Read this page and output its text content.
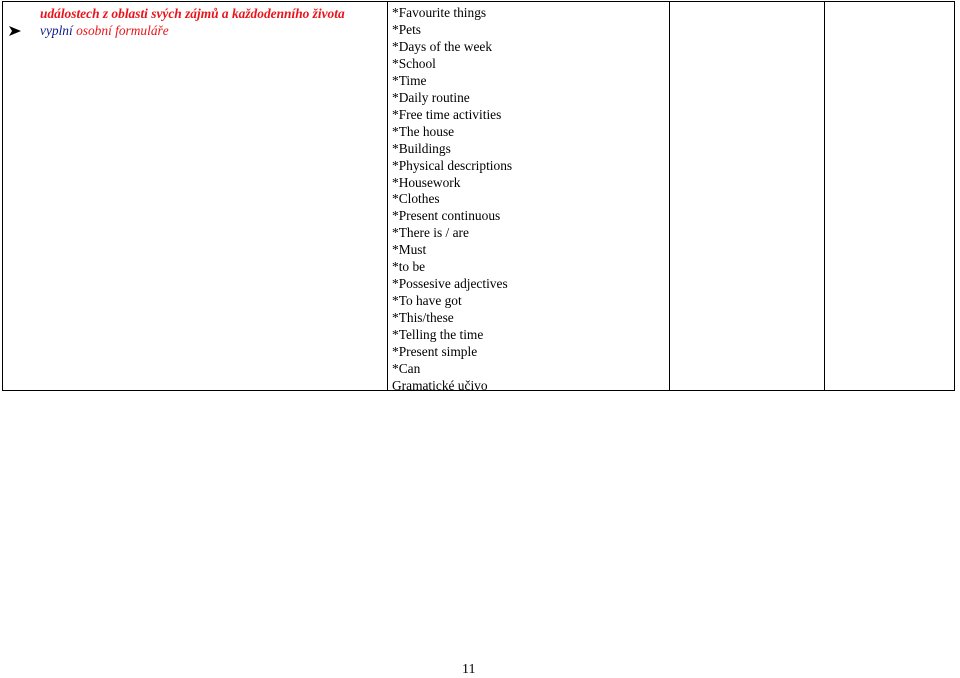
událostech z oblasti svých zájmů a každodenního života
vyplní
osobní formuláře

*Favourite things
*Pets
*Days of the week
*School
*Time
*Daily routine
*Free time activities
*The house
*Buildings
*Physical descriptions
*Housework
*Clothes
*Present continuous
*There is / are
*Must
*to be
*Possesive adjectives
*To have got
*This/these
*Telling the time
*Present simple
*Can
Gramatické učivo

11
